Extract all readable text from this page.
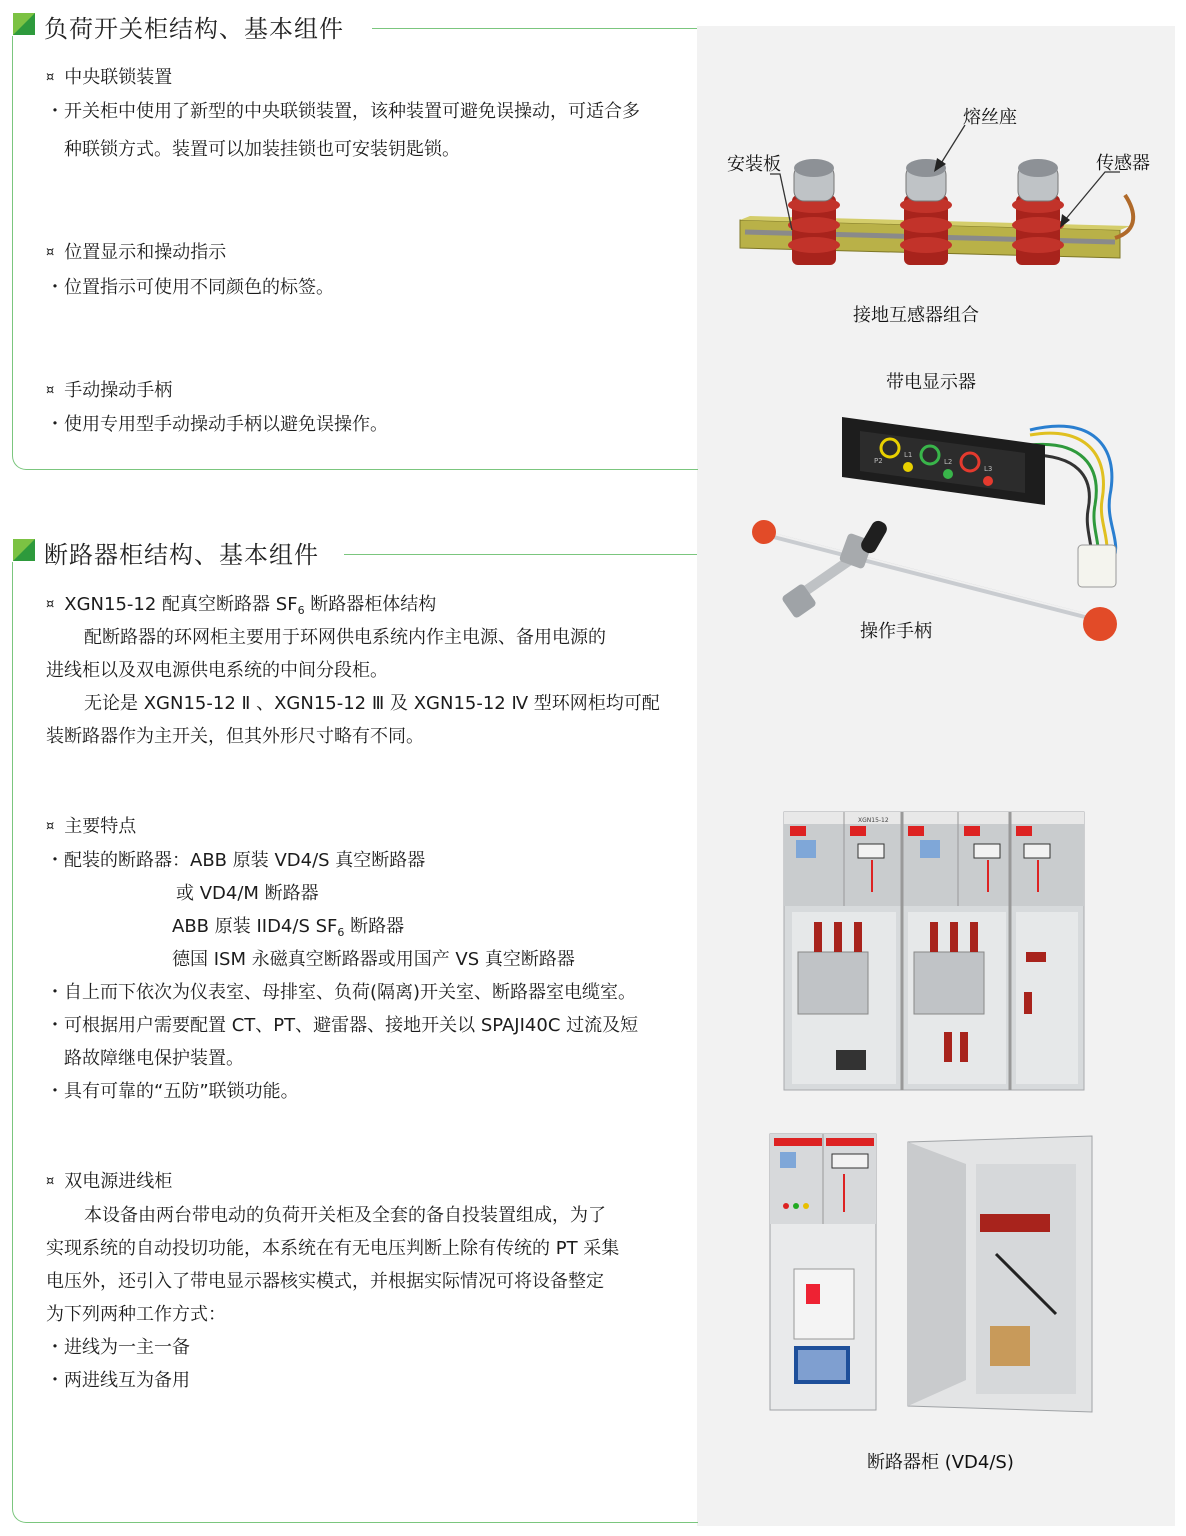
负荷开关柜结构、基本组件
¤ 中央联锁装置
・开关柜中使用了新型的中央联锁装置，该种装置可避免误操动，可适合多
种联锁方式。装置可以加装挂锁也可安装钥匙锁。
¤ 位置显示和操动指示
・位置指示可使用不同颜色的标签。
¤ 手动操动手柄
・使用专用型手动操动手柄以避免误操作。
断路器柜结构、基本组件
¤ XGN15-12 配真空断路器 $SF_6$ 断路器柜体结构
配断路器的环网柜主要用于环网供电系统内作主电源、备用电源的
进线柜以及双电源供电系统的中间分段柜。
无论是 XGN15-12 Ⅱ 、XGN15-12 Ⅲ 及 XGN15-12 Ⅳ 型环网柜均可配
装断路器作为主开关，但其外形尺寸略有不同。
¤ 主要特点
・配装的断路器：ABB 原装 VD4/S 真空断路器
或 VD4/M 断路器
ABB 原装 IID4/S $SF_6$ 断路器
德国 ISM 永磁真空断路器或用国产 VS 真空断路器
・自上而下依次为仪表室、母排室、负荷(隔离)开关室、断路器室电缆室。
・可根据用户需要配置 CT、PT、避雷器、接地开关以 SPAJI40C 过流及短
路故障继电保护装置。
・具有可靠的“五防”联锁功能。
¤ 双电源进线柜
本设备由两台带电动的负荷开关柜及全套的备自投装置组成，为了
实现系统的自动投切功能，本系统在有无电压判断上除有传统的 PT 采集
电压外，还引入了带电显示器核实模式，并根据实际情况可将设备整定
为下列两种工作方式：
・进线为一主一备
・两进线互为备用
安装板
熔丝座
传感器
接地互感器组合
带电显示器
P2
L1
L2
L3
操作手柄
XGN15-12
断路器柜 (VD4/S)
